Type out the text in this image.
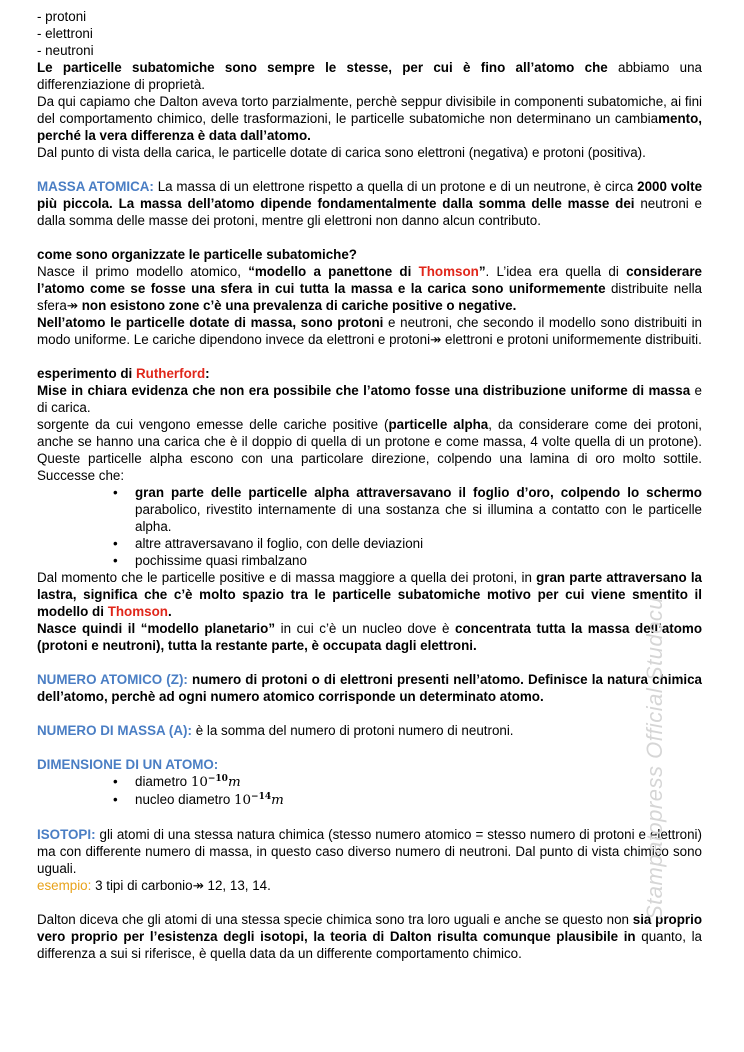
- protoni

- elettroni

- neutroni

Le particelle subatomiche sono sempre le stesse, per cui è fino all’atomo che abbiamo una differenziazione di proprietà.

Da qui capiamo che Dalton aveva torto parzialmente, perchè seppur divisibile in componenti subatomiche, ai fini del comportamento chimico, delle trasformazioni, le particelle subatomiche non determinano un cambiamento, perché la vera differenza è data dall’atomo.

Dal punto di vista della carica, le particelle dotate di carica sono elettroni (negativa) e protoni (positiva).

MASSA ATOMICA: La massa di un elettrone rispetto a quella di un protone e di un neutrone, è circa 2000 volte più piccola. La massa dell’atomo dipende fondamentalmente dalla somma delle masse dei neutroni e dalla somma delle masse dei protoni, mentre gli elettroni non danno alcun contributo.

come sono organizzate le particelle subatomiche?

Nasce il primo modello atomico, “modello a panettone di Thomson”. L’idea era quella di considerare l’atomo come se fosse una sfera in cui tutta la massa e la carica sono uniformemente distribuite nella sfera↠ non esistono zone c’è una prevalenza di cariche positive o negative.

Nell’atomo le particelle dotate di massa, sono protoni e neutroni, che secondo il modello sono distribuiti in modo uniforme. Le cariche dipendono invece da elettroni e protoni↠ elettroni e protoni uniformemente distribuiti.

esperimento di Rutherford:

Mise in chiara evidenza che non era possibile che l’atomo fosse una distribuzione uniforme di massa e di carica.

sorgente da cui vengono emesse delle cariche positive (particelle alpha, da considerare come dei protoni, anche se hanno una carica che è il doppio di quella di un protone e come massa, 4 volte quella di un protone). Queste particelle alpha escono con una particolare direzione, colpendo una lamina di oro molto sottile. Successe che:

• gran parte delle particelle alpha attraversavano il foglio d’oro, colpendo lo schermo parabolico, rivestito internamente di una sostanza che si illumina a contatto con le particelle alpha.
• altre attraversavano il foglio, con delle deviazioni
• pochissime quasi rimbalzano

Dal momento che le particelle positive e di massa maggiore a quella dei protoni, in gran parte attraversano la lastra, significa che c’è molto spazio tra le particelle subatomiche motivo per cui viene smentito il modello di Thomson.

Nasce quindi il “modello planetario” in cui c’è un nucleo dove è concentrata tutta la massa dell’atomo (protoni e neutroni), tutta la restante parte, è occupata dagli elettroni.

NUMERO ATOMICO (Z): numero di protoni o di elettroni presenti nell’atomo. Definisce la natura chimica dell’atomo, perchè ad ogni numero atomico corrisponde un determinato atomo.

NUMERO DI MASSA (A): è la somma del numero di protoni numero di neutroni.

DIMENSIONE DI UN ATOMO:

• diametro $10^{-10}m$
• nucleo diametro $10^{-14}m$

ISOTOPI: gli atomi di una stessa natura chimica (stesso numero atomico = stesso numero di protoni e elettroni) ma con differente numero di massa, in questo caso diverso numero di neutroni. Dal punto di vista chimico sono uguali.

esempio: 3 tipi di carbonio↠ 12, 13, 14.

Dalton diceva che gli atomi di una stessa specie chimica sono tra loro uguali e anche se questo non sia proprio vero proprio per l’esistenza degli isotopi, la teoria di Dalton risulta comunque plausibile in quanto, la differenza a sui si riferisce, è quella data da un differente comportamento chimico.

Stampatopress Official Studocu
